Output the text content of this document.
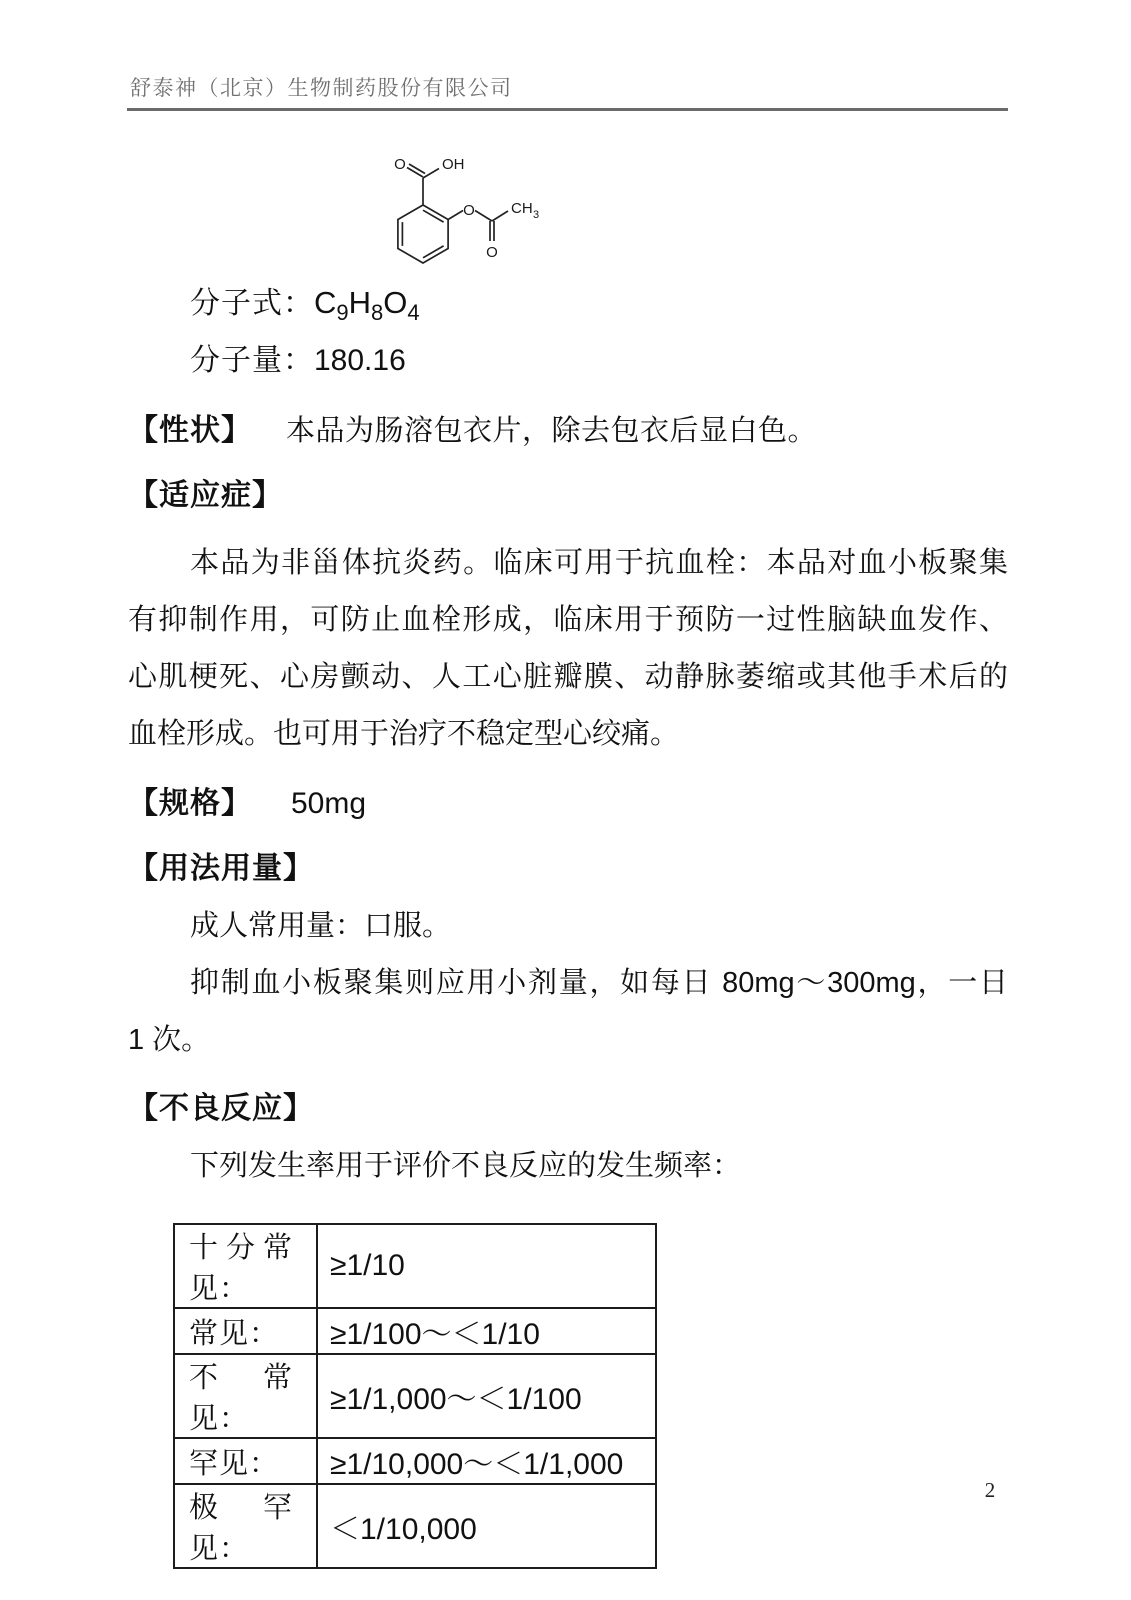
舒泰神（北京）生物制药股份有限公司
O OH
O
O
CH 3
分子式： $C_9H_8O_4$
分子量： 180.16
【性状】 本品为肠溶包衣片，除去包衣后显白色。
【适应症】
本品为非甾体抗炎药。临床可用于抗血栓：本品对血小板聚集
有抑制作用，可防止血栓形成，临床用于预防一过性脑缺血发作、
心肌梗死、心房颤动、人工心脏瓣膜、动静脉萎缩或其他手术后的
血栓形成。也可用于治疗不稳定型心绞痛。
【规格】 50mg
【用法用量】
成人常用量：口服。
抑制血小板聚集则应用小剂量，如每日 80mg～300mg，一日
1 次。
【不良反应】
下列发生率用于评价不良反应的发生频率：
十分常见：	≥1/10

常见：	≥1/100～＜1/10

不常见：	≥1/1,000～＜1/100

罕见：	≥1/10,000～＜1/1,000

极罕见：	＜1/10,000
2
